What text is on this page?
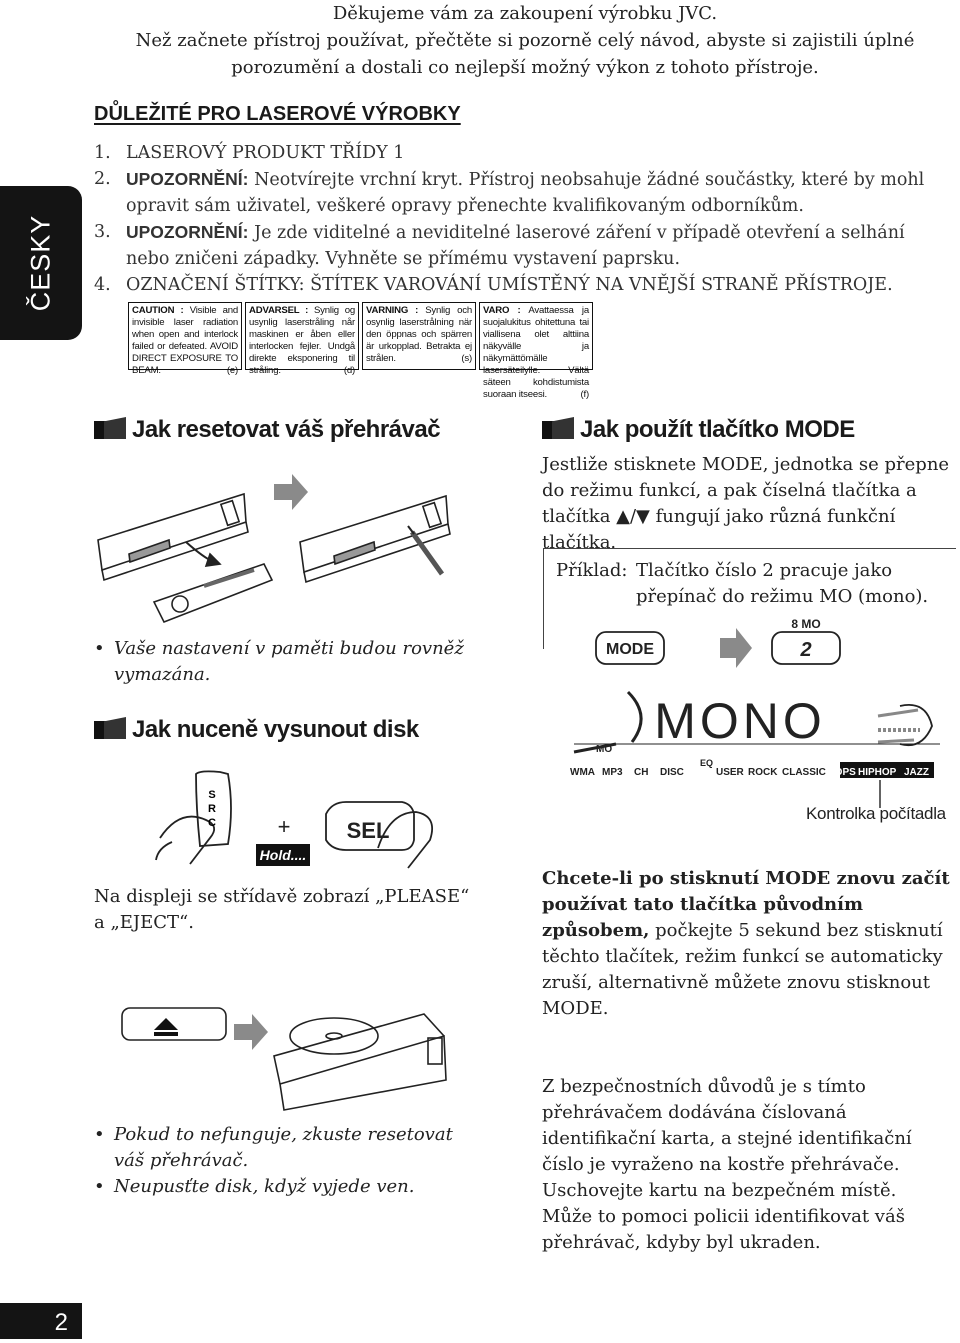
Děkujeme vám za zakoupení výrobku JVC.

Než začnete přístroj používat, přečtěte si pozorně celý návod, abyste si zajistili úplné porozumění a dostali co nejlepší možný výkon z tohoto přístroje.

ČESKY
DŮLEŽITÉ PRO LASEROVÉ VÝROBKY
1. LASEROVÝ PRODUKT TŘÍDY 1
2. UPOZORNĚNÍ: Neotvírejte vrchní kryt. Přístroj neobsahuje žádné součástky, které by mohl opravit sám uživatel, veškeré opravy přenechte kvalifikovaným odborníkům.
3. UPOZORNĚNÍ: Je zde viditelné a neviditelné laserové záření v případě otevření a selhání nebo zničeni západky. Vyhněte se přímému vystavení paprsku.
4. OZNAČENÍ ŠTÍTKY: ŠTÍTEK VAROVÁNÍ UMÍSTĚNÝ NA VNĚJŠÍ STRANĚ PŘÍSTROJE.
CAUTION : Visible and invisible laser radiation when open and interlock failed or defeated. AVOID DIRECT EXPOSURE TO BEAM.	(e)
ADVARSEL : Synlig og usynlig laserstråling når maskinen er åben eller interlocken fejler. Undgå direkte eksponering til stråling.	(d)
VARNING : Synlig och osynlig laserstrålning när den öppnas och spärren är urkopplad. Betrakta ej strålen.	(s)
VARO : Avattaessa ja suojalukitus ohitettuna tai viallisena olet alttiina näkyvälle ja näkymättömälle lasersäteilylle. Vältä säteen kohdistumista suoraan itseesi.	(f)
Jak resetovat váš přehrávač
• Vaše nastavení v paměti budou rovněž vymazána.
Jak nuceně vysunout disk
S
R
C	+	SEL
Hold....
Na displeji se střídavě zobrazí „PLEASE“ a „EJECT“.
• Pokud to nefunguje, zkuste resetovat váš přehrávač.
• Neupusťte disk, když vyjede ven.
Jak použít tlačítko MODE
Jestliže stisknete MODE, jednotka se přepne do režimu funkcí, a pak číselná tlačítka a tlačítka ▲/▼ fungují jako různá funkční tlačítka.
Příklad: Tlačítko číslo 2 pracuje jako přepínač do režimu MO (mono).
MODE
8 MO
2
MONO
MO
EQ
WMA MP3 CH DISC	USER ROCK CLASSIC POPS HIPHOP JAZZ
Kontrolka počítadla
Chcete-li po stisknutí MODE znovu začít používat tato tlačítka původním způsobem, počkejte 5 sekund bez stisknutí těchto tlačítek, režim funkcí se automaticky zruší, alternativně můžete znovu stisknout MODE.
Z bezpečnostních důvodů je s tímto přehrávačem dodávána číslovaná identifikační karta, a stejné identifikační číslo je vyraženo na kostře přehrávače. Uschovejte kartu na bezpečném místě. Může to pomoci policii identifikovat váš přehrávač, kdyby byl ukraden.
2
